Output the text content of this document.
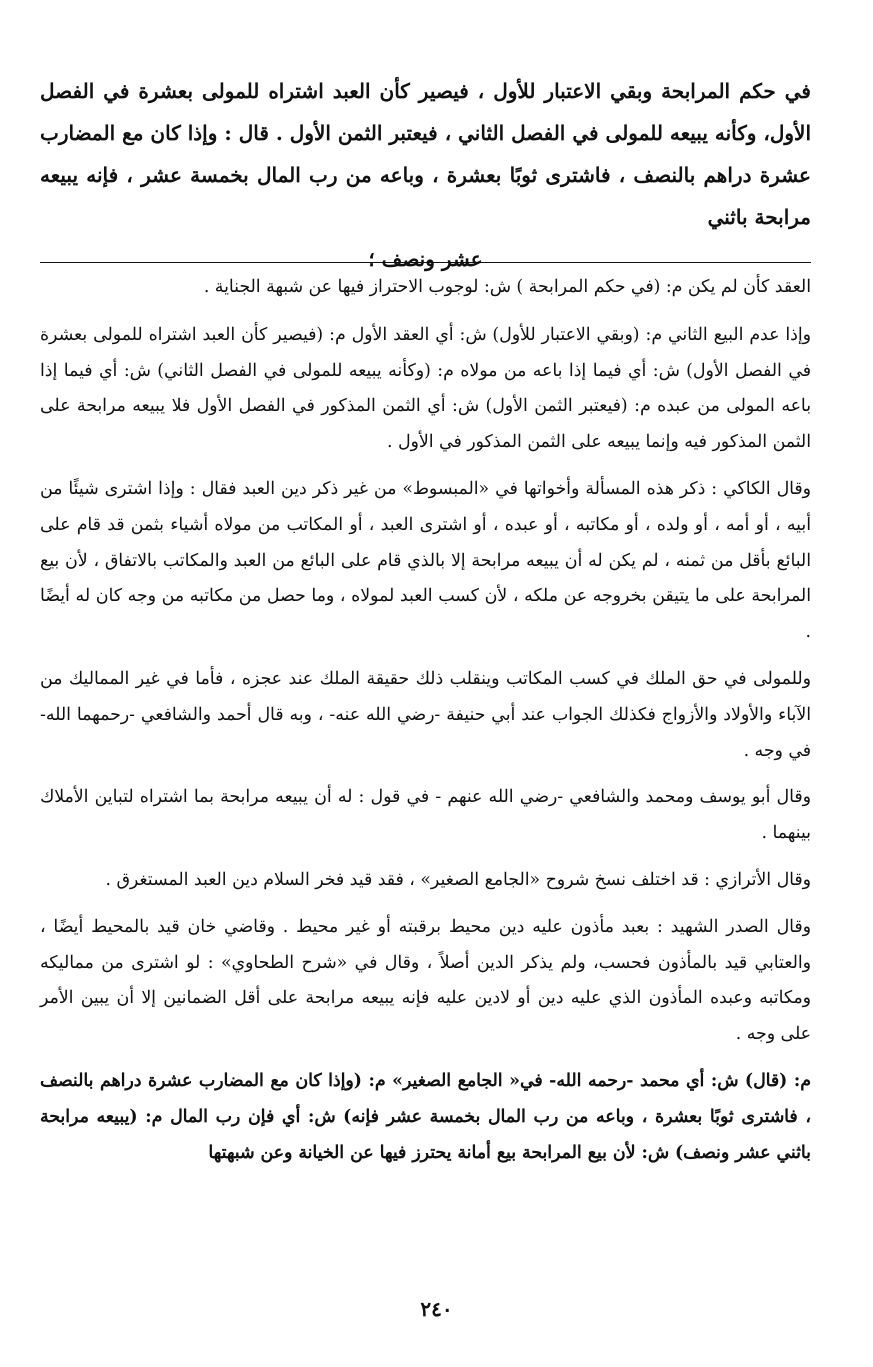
في حكم المرابحة وبقي الاعتبار للأول ، فيصير كأن العبد اشتراه للمولى بعشرة في الفصل الأول، وكأنه يبيعه للمولى في الفصل الثاني ، فيعتبر الثمن الأول . قال : وإذا كان مع المضارب عشرة دراهم بالنصف ، فاشترى ثوبًا بعشرة ، وباعه من رب المال بخمسة عشر ، فإنه يبيعه مرابحة باثني
عشر ونصف ؛

العقد كأن لم يكن م: (في حكم المرابحة ) ش: لوجوب الاحتراز فيها عن شبهة الجناية .

وإذا عدم البيع الثاني م: (وبقي الاعتبار للأول) ش: أي العقد الأول م: (فيصير كأن العبد اشتراه للمولى بعشرة في الفصل الأول) ش: أي فيما إذا باعه من مولاه م: (وكأنه يبيعه للمولى في الفصل الثاني) ش: أي فيما إذا باعه المولى من عبده م: (فيعتبر الثمن الأول) ش: أي الثمن المذكور في الفصل الأول فلا يبيعه مرابحة على الثمن المذكور فيه وإنما يبيعه على الثمن المذكور في الأول .

وقال الكاكي : ذكر هذه المسألة وأخواتها في «المبسوط» من غير ذكر دين العبد فقال : وإذا اشترى شيئًا من أبيه ، أو أمه ، أو ولده ، أو مكاتبه ، أو عبده ، أو اشترى العبد ، أو المكاتب من مولاه أشياء بثمن قد قام على البائع بأقل من ثمنه ، لم يكن له أن يبيعه مرابحة إلا بالذي قام على البائع من العبد والمكاتب بالاتفاق ، لأن بيع المرابحة على ما يتيقن بخروجه عن ملكه ، لأن كسب العبد لمولاه ، وما حصل من مكاتبه من وجه كان له أيضًا .

وللمولى في حق الملك في كسب المكاتب وينقلب ذلك حقيقة الملك عند عجزه ، فأما في غير المماليك من الآباء والأولاد والأزواج فكذلك الجواب عند أبي حنيفة -رضي الله عنه- ، وبه قال أحمد والشافعي -رحمهما الله- في وجه .

وقال أبو يوسف ومحمد والشافعي -رضي الله عنهم - في قول : له أن يبيعه مرابحة بما اشتراه لتباين الأملاك بينهما .

وقال الأترازي : قد اختلف نسخ شروح «الجامع الصغير» ، فقد قيد فخر السلام دين العبد المستغرق .

وقال الصدر الشهيد : بعبد مأذون عليه دين محيط برقبته أو غير محيط . وقاضي خان قيد بالمحيط أيضًا ، والعتابي قيد بالمأذون فحسب، ولم يذكر الدين أصلاً ، وقال في «شرح الطحاوي» : لو اشترى من مماليكه ومكاتبه وعبده المأذون الذي عليه دين أو لادين عليه فإنه يبيعه مرابحة على أقل الضمانين إلا أن يبين الأمر على وجه .

م: (قال) ش: أي محمد -رحمه الله- في« الجامع الصغير» م: (وإذا كان مع المضارب عشرة دراهم بالنصف ، فاشترى ثوبًا بعشرة ، وباعه من رب المال بخمسة عشر فإنه) ش: أي فإن رب المال م: (يبيعه مرابحة باثني عشر ونصف) ش: لأن بيع المرابحة بيع أمانة يحترز فيها عن الخيانة وعن شبهتها

٢٤٠
